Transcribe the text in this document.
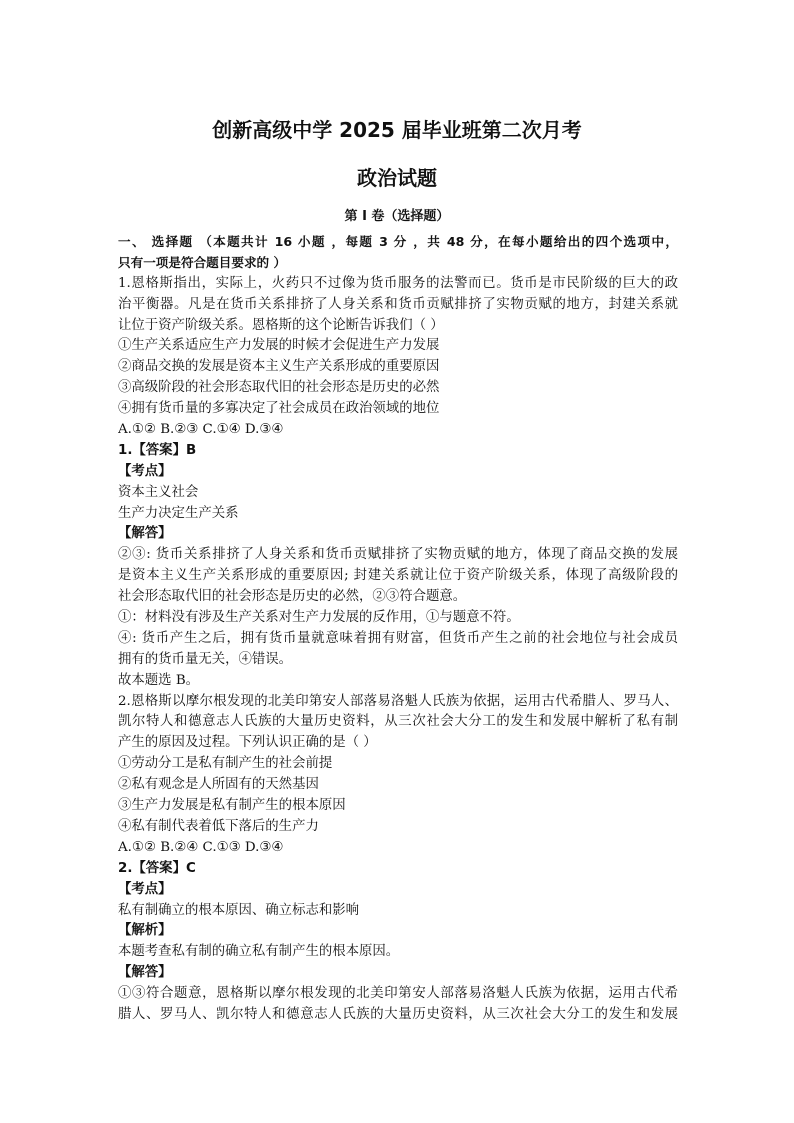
创新高级中学 2025 届毕业班第二次月考
政治试题
第 I 卷（选择题）
一、 选择题 （本题共计 16 小题 ，每题 3 分 ，共 48 分，在每小题给出的四个选项中，
只有一项是符合题目要求的 ）
1.恩格斯指出，实际上，火药只不过像为货币服务的法警而已。货币是市民阶级的巨大的政
治平衡器。凡是在货币关系排挤了人身关系和货币贡赋排挤了实物贡赋的地方，封建关系就
让位于资产阶级关系。恩格斯的这个论断告诉我们（ ）
①生产关系适应生产力发展的时候才会促进生产力发展
②商品交换的发展是资本主义生产关系形成的重要原因
③高级阶段的社会形态取代旧的社会形态是历史的必然
④拥有货币量的多寡决定了社会成员在政治领域的地位
A.①② B.②③ C.①④ D.③④
1.【答案】B
【考点】
资本主义社会
生产力决定生产关系
【解答】
②③: 货币关系排挤了人身关系和货币贡赋排挤了实物贡赋的地方，体现了商品交换的发展
是资本主义生产关系形成的重要原因; 封建关系就让位于资产阶级关系，体现了高级阶段的
社会形态取代旧的社会形态是历史的必然，②③符合题意。
①：材料没有涉及生产关系对生产力发展的反作用，①与题意不符。
④: 货币产生之后，拥有货币量就意味着拥有财富，但货币产生之前的社会地位与社会成员
拥有的货币量无关，④错误。
故本题选 B。
2.恩格斯以摩尔根发现的北美印第安人部落易洛魁人氏族为依据，运用古代希腊人、罗马人、
凯尔特人和德意志人氏族的大量历史资料，从三次社会大分工的发生和发展中解析了私有制
产生的原因及过程。下列认识正确的是（ ）
①劳动分工是私有制产生的社会前提
②私有观念是人所固有的天然基因
③生产力发展是私有制产生的根本原因
④私有制代表着低下落后的生产力
A.①② B.②④ C.①③ D.③④
2.【答案】C
【考点】
私有制确立的根本原因、确立标志和影响
【解析】
本题考查私有制的确立私有制产生的根本原因。
【解答】
①③符合题意，恩格斯以摩尔根发现的北美印第安人部落易洛魁人氏族为依据，运用古代希
腊人、罗马人、凯尔特人和德意志人氏族的大量历史资料，从三次社会大分工的发生和发展
